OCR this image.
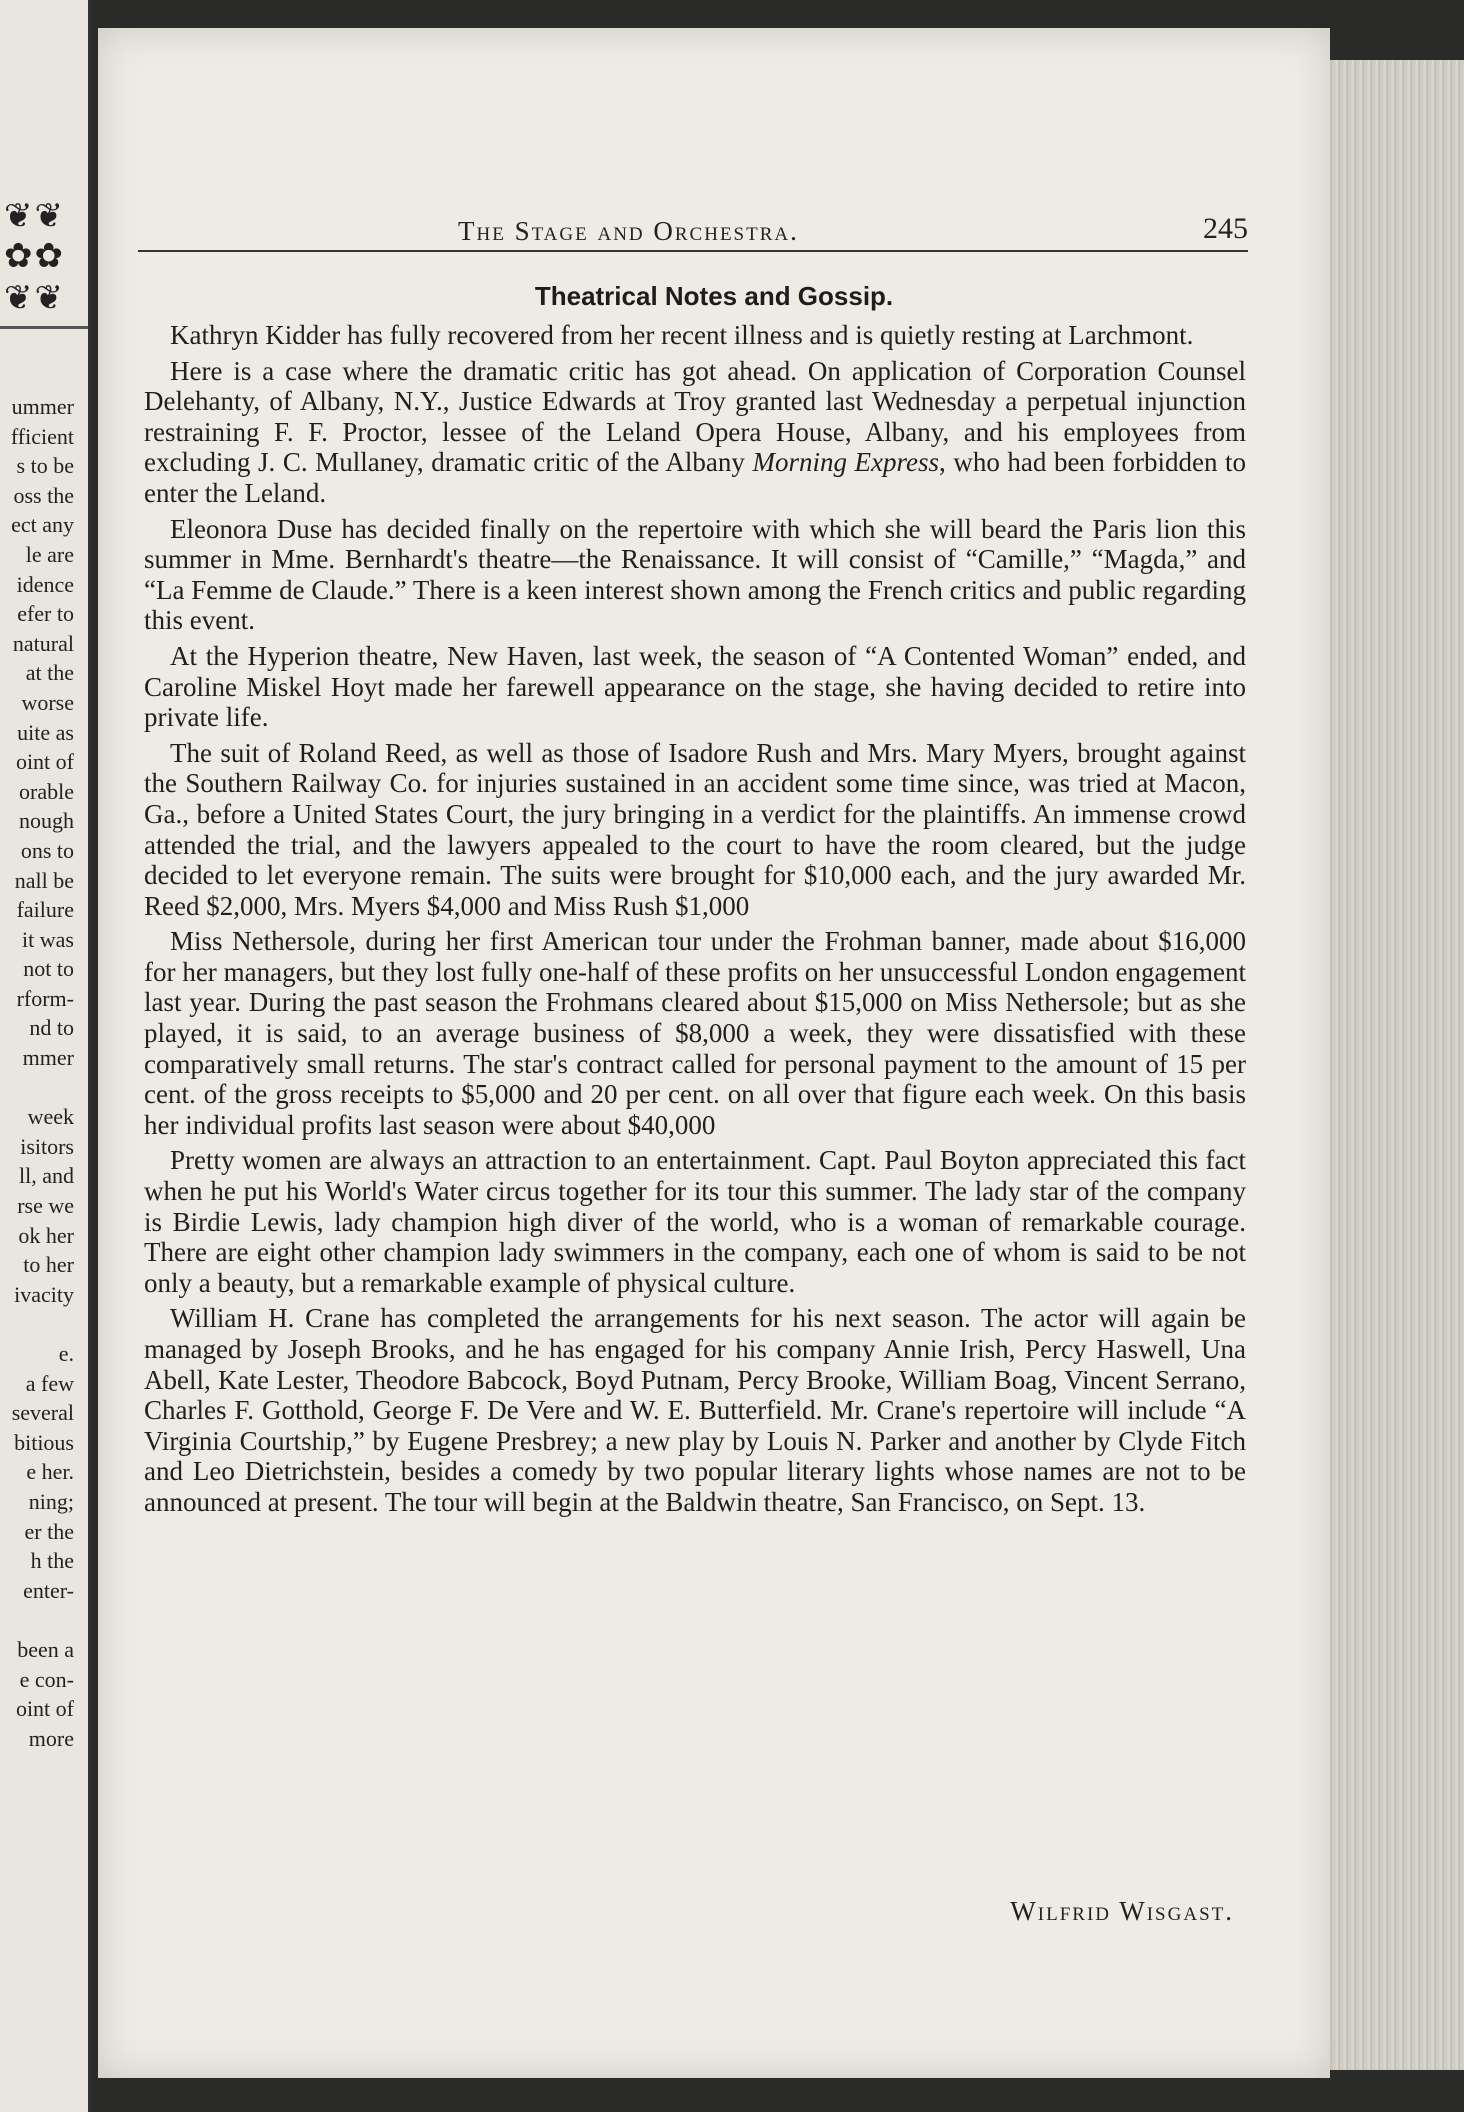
❦❦
✿✿
❦❦
ummer
fficient
s to be
oss the
ect any
le are
idence
efer to
natural
at the
worse
uite as
oint of
orable
nough
ons to
nall be
failure
it was
not to
rform-
nd to
mmer

week
isitors
ll, and
rse we
ok her
to her
ivacity

e.
a few
several
bitious
e her.
ning;
er the
h the
enter-

been a
e con-
oint of
more
The Stage and Orchestra.	245
Theatrical Notes and Gossip.

Kathryn Kidder has fully recovered from her recent illness and is quietly resting at Larchmont.

Here is a case where the dramatic critic has got ahead. On application of Corporation Counsel Delehanty, of Albany, N.Y., Justice Edwards at Troy granted last Wednesday a perpetual injunction restraining F. F. Proctor, lessee of the Leland Opera House, Albany, and his employees from excluding J. C. Mullaney, dramatic critic of the Albany Morning Express, who had been forbidden to enter the Leland.

Eleonora Duse has decided finally on the repertoire with which she will beard the Paris lion this summer in Mme. Bernhardt's theatre—the Renaissance. It will consist of “Camille,” “Magda,” and “La Femme de Claude.” There is a keen interest shown among the French critics and public regarding this event.

At the Hyperion theatre, New Haven, last week, the season of “A Contented Woman” ended, and Caroline Miskel Hoyt made her farewell appearance on the stage, she having decided to retire into private life.

The suit of Roland Reed, as well as those of Isadore Rush and Mrs. Mary Myers, brought against the Southern Railway Co. for injuries sustained in an accident some time since, was tried at Macon, Ga., before a United States Court, the jury bringing in a verdict for the plaintiffs. An immense crowd attended the trial, and the lawyers appealed to the court to have the room cleared, but the judge decided to let everyone remain. The suits were brought for $10,000 each, and the jury awarded Mr. Reed $2,000, Mrs. Myers $4,000 and Miss Rush $1,000

Miss Nethersole, during her first American tour under the Frohman banner, made about $16,000 for her managers, but they lost fully one-half of these profits on her unsuccessful London engagement last year. During the past season the Frohmans cleared about $15,000 on Miss Nethersole; but as she played, it is said, to an average business of $8,000 a week, they were dissatisfied with these comparatively small returns. The star's contract called for personal payment to the amount of 15 per cent. of the gross receipts to $5,000 and 20 per cent. on all over that figure each week. On this basis her individual profits last season were about $40,000

Pretty women are always an attraction to an entertainment. Capt. Paul Boyton appreciated this fact when he put his World's Water circus together for its tour this summer. The lady star of the company is Birdie Lewis, lady champion high diver of the world, who is a woman of remarkable courage. There are eight other champion lady swimmers in the company, each one of whom is said to be not only a beauty, but a remarkable example of physical culture.

William H. Crane has completed the arrangements for his next season. The actor will again be managed by Joseph Brooks, and he has engaged for his company Annie Irish, Percy Haswell, Una Abell, Kate Lester, Theodore Babcock, Boyd Putnam, Percy Brooke, William Boag, Vincent Serrano, Charles F. Gotthold, George F. De Vere and W. E. Butterfield. Mr. Crane's repertoire will include “A Virginia Courtship,” by Eugene Presbrey; a new play by Louis N. Parker and another by Clyde Fitch and Leo Dietrichstein, besides a comedy by two popular literary lights whose names are not to be announced at present. The tour will begin at the Baldwin theatre, San Francisco, on Sept. 13.

Wilfrid Wisgast.
